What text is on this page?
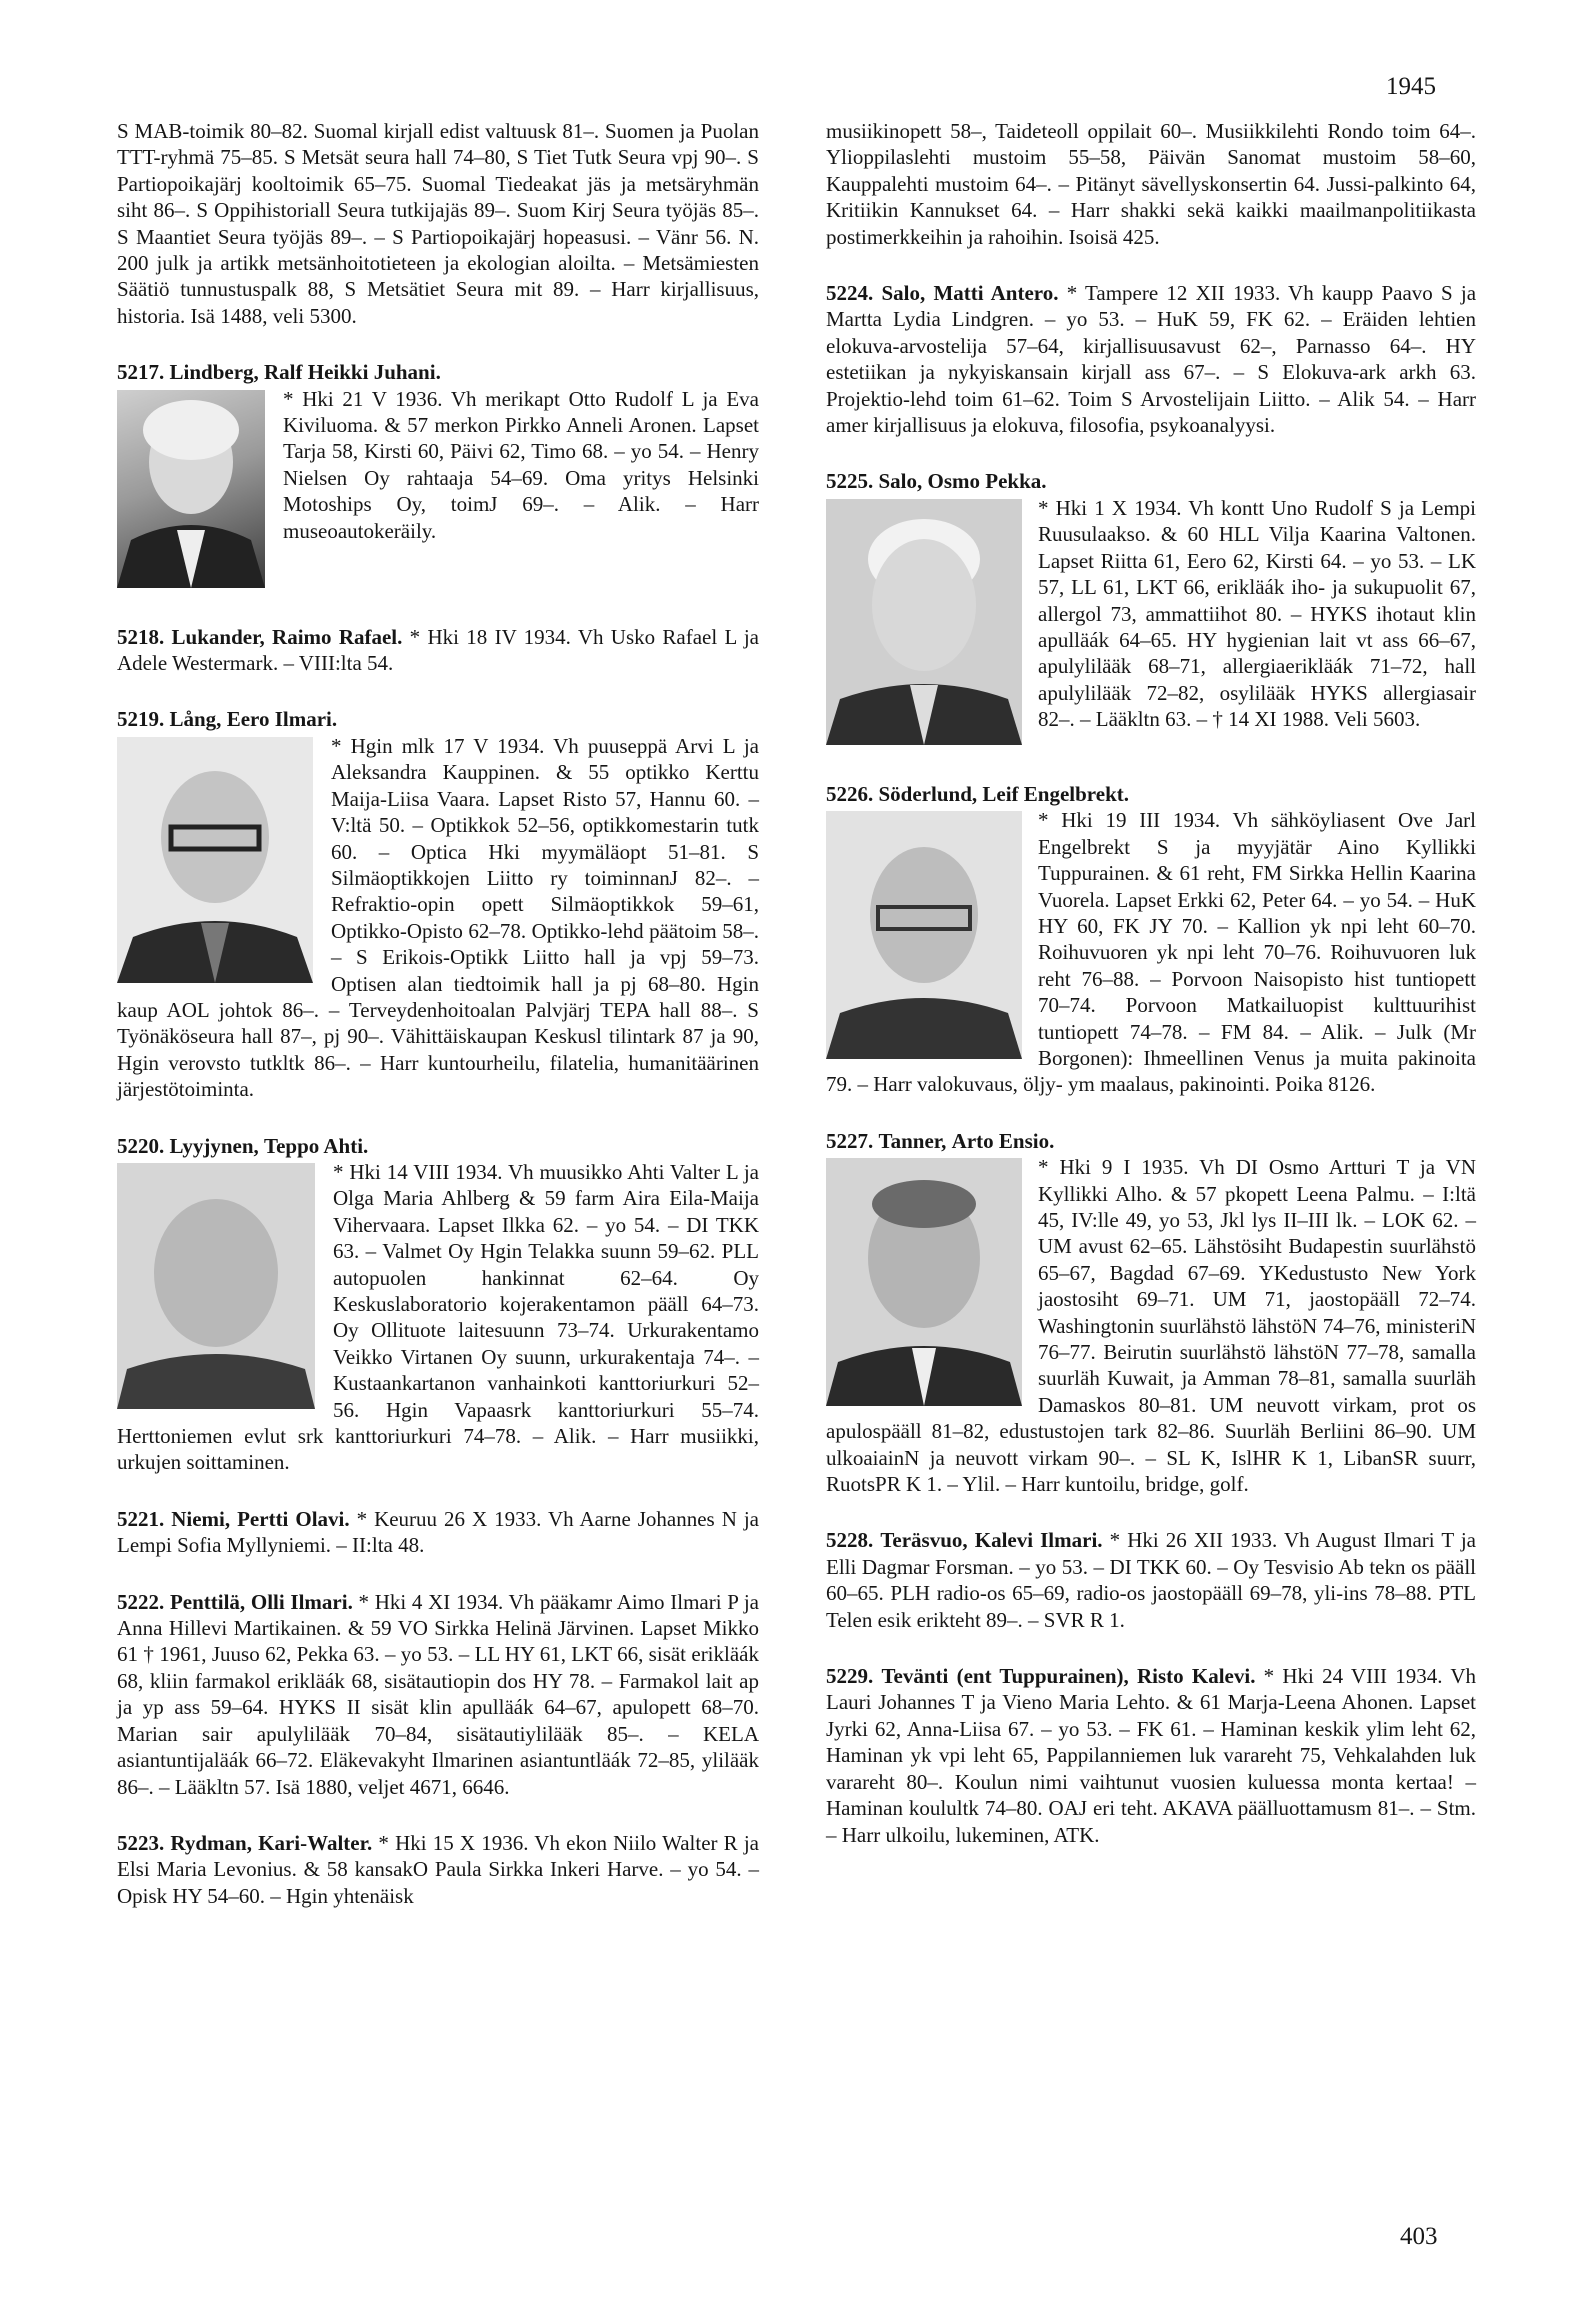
1945

S MAB-toimik 80–82. Suomal kirjall edist valtuusk 81–. Suomen ja Puolan TTT-ryhmä 75–85. S Metsät seura hall 74–80, S Tiet Tutk Seura vpj 90–. S Partiopoikajärj kooltoimik 65–75. Suomal Tiedeakat jäs ja metsäryhmän siht 86–. S Oppihistoriall Seura tutkijajäs 89–. Suom Kirj Seura työjäs 85–. S Maantiet Seura työjäs 89–. – S Partiopoikajärj hopeasusi. – Vänr 56. N. 200 julk ja artikk metsänhoitotieteen ja ekologian aloilta. – Metsämiesten Säätiö tunnustuspalk 88, S Metsätiet Seura mit 89. – Harr kirjallisuus, historia. Isä 1488, veli 5300.

5217. Lindberg, Ralf Heikki Juhani.

* Hki 21 V 1936. Vh merikapt Otto Rudolf L ja Eva Kiviluoma. & 57 merkon Pirkko Anneli Aronen. Lapset Tarja 58, Kirsti 60, Päivi 62, Timo 68. – yo 54. – Henry Nielsen Oy rahtaaja 54–69. Oma yritys Helsinki Motoships Oy, toimJ 69–. – Alik. – Harr museoautokeräily.

5218. Lukander, Raimo Rafael. * Hki 18 IV 1934. Vh Usko Rafael L ja Adele Westermark. – VIII:lta 54.

5219. Lång, Eero Ilmari.

* Hgin mlk 17 V 1934. Vh puuseppä Arvi L ja Aleksandra Kauppinen. & 55 optikko Kerttu Maija-Liisa Vaara. Lapset Risto 57, Hannu 60. – V:ltä 50. – Optikkok 52–56, optikkomestarin tutk 60. – Optica Hki myymäläopt 51–81. S Silmäoptikkojen Liitto ry toiminnanJ 82–. – Refraktio-opin opett Silmäoptikkok 59–61, Optikko-Opisto 62–78. Optikko-lehd päätoim 58–. – S Erikois-Optikk Liitto hall ja vpj 59–73. Optisen alan tiedtoimik hall ja pj 68–80. Hgin kaup AOL johtok 86–. – Terveydenhoitoalan Palvjärj TEPA hall 88–. S Työnäköseura hall 87–, pj 90–. Vähittäiskaupan Keskusl tilintark 87 ja 90, Hgin verovsto tutkltk 86–. – Harr kuntourheilu, filatelia, humanitäärinen järjestötoiminta.

5220. Lyyjynen, Teppo Ahti.

* Hki 14 VIII 1934. Vh muusikko Ahti Valter L ja Olga Maria Ahlberg & 59 farm Aira Eila-Maija Vihervaara. Lapset Ilkka 62. – yo 54. – DI TKK 63. – Valmet Oy Hgin Telakka suunn 59–62. PLL autopuolen hankinnat 62–64. Oy Keskuslaboratorio kojerakentamon pääll 64–73. Oy Ollituote laitesuunn 73–74. Urkurakentamo Veikko Virtanen Oy suunn, urkurakentaja 74–. – Kustaankartanon vanhainkoti kanttoriurkuri 52–56. Hgin Vapaasrk kanttoriurkuri 55–74. Herttoniemen evlut srk kanttoriurkuri 74–78. – Alik. – Harr musiikki, urkujen soittaminen.

5221. Niemi, Pertti Olavi. * Keuruu 26 X 1933. Vh Aarne Johannes N ja Lempi Sofia Myllyniemi. – II:lta 48.

5222. Penttilä, Olli Ilmari. * Hki 4 XI 1934. Vh pääkamr Aimo Ilmari P ja Anna Hillevi Martikainen. & 59 VO Sirkka Helinä Järvinen. Lapset Mikko 61 † 1961, Juuso 62, Pekka 63. – yo 53. – LL HY 61, LKT 66, sisät erikläák 68, kliin farmakol erikläák 68, sisätautiopin dos HY 78. – Farmakol lait ap ja yp ass 59–64. HYKS II sisät klin apulläák 64–67, apulopett 68–70. Marian sair apulylilääk 70–84, sisätautiylilääk 85–. – KELA asiantuntijaläák 66–72. Eläkevakyht Ilmarinen asiantuntläák 72–85, ylilääk 86–. – Lääkltn 57. Isä 1880, veljet 4671, 6646.

5223. Rydman, Kari-Walter. * Hki 15 X 1936. Vh ekon Niilo Walter R ja Elsi Maria Levonius. & 58 kansakO Paula Sirkka Inkeri Harve. – yo 54. – Opisk HY 54–60. – Hgin yhtenäisk

musiikinopett 58–, Taideteoll oppilait 60–. Musiikkilehti Rondo toim 64–. Ylioppilaslehti mustoim 55–58, Päivän Sanomat mustoim 58–60, Kauppalehti mustoim 64–. – Pitänyt sävellyskonsertin 64. Jussi-palkinto 64, Kritiikin Kannukset 64. – Harr shakki sekä kaikki maailmanpolitiikasta postimerkkeihin ja rahoihin. Isoisä 425.

5224. Salo, Matti Antero. * Tampere 12 XII 1933. Vh kaupp Paavo S ja Martta Lydia Lindgren. – yo 53. – HuK 59, FK 62. – Eräiden lehtien elokuva-arvostelija 57–64, kirjallisuusavust 62–, Parnasso 64–. HY estetiikan ja nykyiskansain kirjall ass 67–. – S Elokuva-ark arkh 63. Projektio-lehd toim 61–62. Toim S Arvostelijain Liitto. – Alik 54. – Harr amer kirjallisuus ja elokuva, filosofia, psykoanalyysi.

5225. Salo, Osmo Pekka.

* Hki 1 X 1934. Vh kontt Uno Rudolf S ja Lempi Ruusulaakso. & 60 HLL Vilja Kaarina Valtonen. Lapset Riitta 61, Eero 62, Kirsti 64. – yo 53. – LK 57, LL 61, LKT 66, erikläák iho- ja sukupuolit 67, allergol 73, ammattiihot 80. – HYKS ihotaut klin apulläák 64–65. HY hygienian lait vt ass 66–67, apulylilääk 68–71, allergiaerikläák 71–72, hall apulylilääk 72–82, osylilääk HYKS allergiasair 82–. – Lääkltn 63. – † 14 XI 1988. Veli 5603.

5226. Söderlund, Leif Engelbrekt.

* Hki 19 III 1934. Vh sähköyliasent Ove Jarl Engelbrekt S ja myyjätär Aino Kyllikki Tuppurainen. & 61 reht, FM Sirkka Hellin Kaarina Vuorela. Lapset Erkki 62, Peter 64. – yo 54. – HuK HY 60, FK JY 70. – Kallion yk npi leht 60–70. Roihuvuoren yk npi leht 70–76. Roihuvuoren luk reht 76–88. – Porvoon Naisopisto hist tuntiopett 70–74. Porvoon Matkailuopist kulttuurihist tuntiopett 74–78. – FM 84. – Alik. – Julk (Mr Borgonen): Ihmeellinen Venus ja muita pakinoita 79. – Harr valokuvaus, öljy- ym maalaus, pakinointi. Poika 8126.

5227. Tanner, Arto Ensio.

* Hki 9 I 1935. Vh DI Osmo Artturi T ja VN Kyllikki Alho. & 57 pkopett Leena Palmu. – I:ltä 45, IV:lle 49, yo 53, Jkl lys II–III lk. – LOK 62. – UM avust 62–65. Lähstösiht Budapestin suurlähstö 65–67, Bagdad 67–69. YKedustusto New York jaostosiht 69–71. UM 71, jaostopääll 72–74. Washingtonin suurlähstö lähstöN 74–76, ministeriN 76–77. Beirutin suurlähstö lähstöN 77–78, samalla suurläh Kuwait, ja Amman 78–81, samalla suurläh Damaskos 80–81. UM neuvott virkam, prot os apulospääll 81–82, edustustojen tark 82–86. Suurläh Berliini 86–90. UM ulkoaiainN ja neuvott virkam 90–. – SL K, IslHR K 1, LibanSR suurr, RuotsPR K 1. – Ylil. – Harr kuntoilu, bridge, golf.

5228. Teräsvuo, Kalevi Ilmari. * Hki 26 XII 1933. Vh August Ilmari T ja Elli Dagmar Forsman. – yo 53. – DI TKK 60. – Oy Tesvisio Ab tekn os pääll 60–65. PLH radio-os 65–69, radio-os jaostopääll 69–78, yli-ins 78–88. PTL Telen esik erikteht 89–. – SVR R 1.

5229. Tevänti (ent Tuppurainen), Risto Kalevi. * Hki 24 VIII 1934. Vh Lauri Johannes T ja Vieno Maria Lehto. & 61 Marja-Leena Ahonen. Lapset Jyrki 62, Anna-Liisa 67. – yo 53. – FK 61. – Haminan keskik ylim leht 62, Haminan yk vpi leht 65, Pappilanniemen luk varareht 75, Vehkalahden luk varareht 80–. Koulun nimi vaihtunut vuosien kuluessa monta kertaa! – Haminan koulultk 74–80. OAJ eri teht. AKAVA päälluottamusm 81–. – Stm. – Harr ulkoilu, lukeminen, ATK.

403
